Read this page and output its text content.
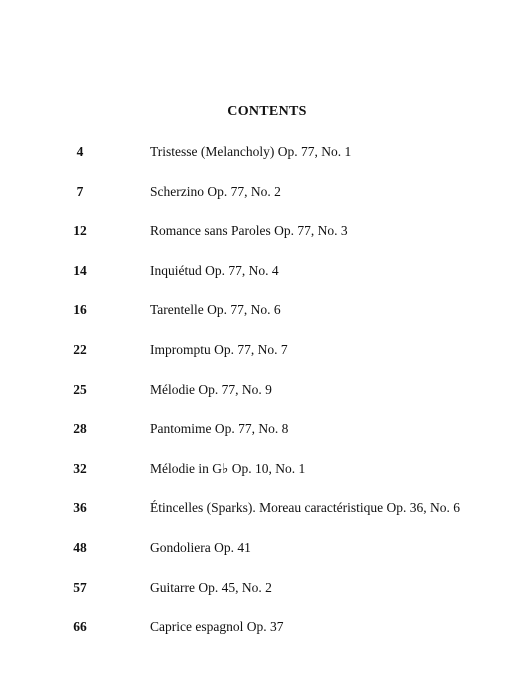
CONTENTS
4	Tristesse (Melancholy) Op. 77, No. 1
7	Scherzino Op. 77, No. 2
12	Romance sans Paroles Op. 77, No. 3
14	Inquiétud Op. 77, No. 4
16	Tarentelle Op. 77, No. 6
22	Impromptu Op. 77, No. 7
25	Mélodie Op. 77, No. 9
28	Pantomime Op. 77, No. 8
32	Mélodie in G♭ Op. 10, No. 1
36	Étincelles (Sparks). Moreau caractéristique Op. 36, No. 6
48	Gondoliera Op. 41
57	Guitarre Op. 45, No. 2
66	Caprice espagnol Op. 37
